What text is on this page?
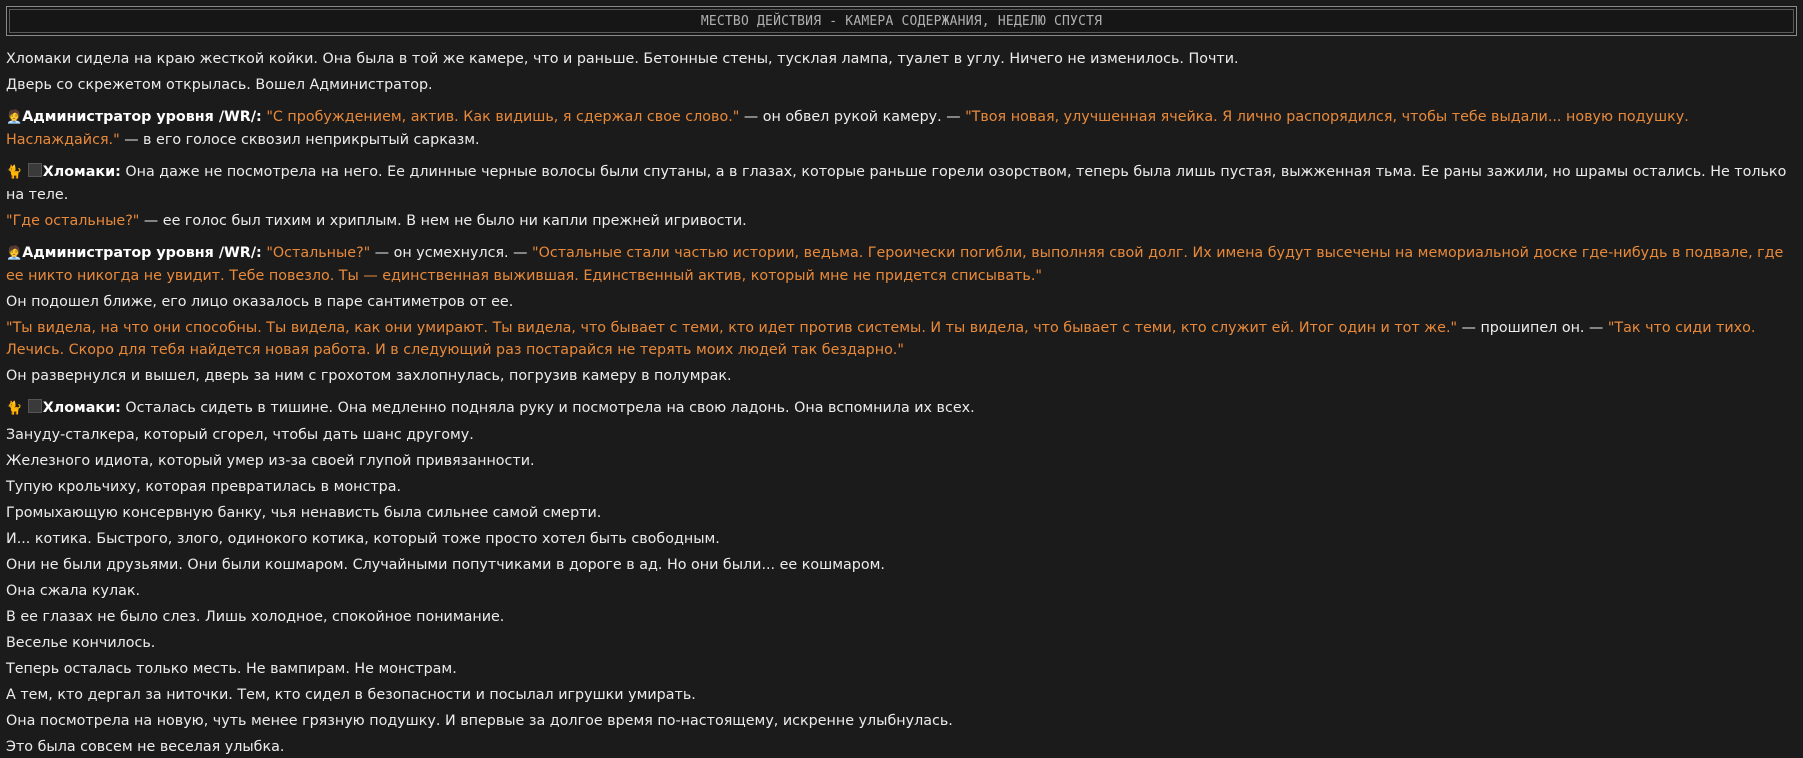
МЕСТВО ДЕЙСТВИЯ - КАМЕРА СОДЕРЖАНИЯ, НЕДЕЛЮ СПУСТЯ

Хломаки сидела на краю жесткой койки. Она была в той же камере, что и раньше. Бетонные стены, тусклая лампа, туалет в углу. Ничего не изменилось. Почти.

Дверь со скрежетом открылась. Вошел Администратор.

🧑‍💼Администратор уровня /WR/: "С пробуждением, актив. Как видишь, я сдержал свое слово." — он обвел рукой камеру. — "Твоя новая, улучшенная ячейка. Я лично распорядился, чтобы тебе выдали... новую подушку. Наслаждайся." — в его голосе сквозил неприкрытый сарказм.

🐈 Хломаки: Она даже не посмотрела на него. Ее длинные черные волосы были спутаны, а в глазах, которые раньше горели озорством, теперь была лишь пустая, выжженная тьма. Ее раны зажили, но шрамы остались. Не только на теле.

"Где остальные?" — ее голос был тихим и хриплым. В нем не было ни капли прежней игривости.

🧑‍💼Администратор уровня /WR/: "Остальные?" — он усмехнулся. — "Остальные стали частью истории, ведьма. Героически погибли, выполняя свой долг. Их имена будут высечены на мемориальной доске где-нибудь в подвале, где ее никто никогда не увидит. Тебе повезло. Ты — единственная выжившая. Единственный актив, который мне не придется списывать."

Он подошел ближе, его лицо оказалось в паре сантиметров от ее.

"Ты видела, на что они способны. Ты видела, как они умирают. Ты видела, что бывает с теми, кто идет против системы. И ты видела, что бывает с теми, кто служит ей. Итог один и тот же." — прошипел он. — "Так что сиди тихо. Лечись. Скоро для тебя найдется новая работа. И в следующий раз постарайся не терять моих людей так бездарно."

Он развернулся и вышел, дверь за ним с грохотом захлопнулась, погрузив камеру в полумрак.

🐈 Хломаки: Осталась сидеть в тишине. Она медленно подняла руку и посмотрела на свою ладонь. Она вспомнила их всех.

Зануду-сталкера, который сгорел, чтобы дать шанс другому.

Железного идиота, который умер из-за своей глупой привязанности.

Тупую крольчиху, которая превратилась в монстра.

Громыхающую консервную банку, чья ненависть была сильнее самой смерти.

И... котика. Быстрого, злого, одинокого котика, который тоже просто хотел быть свободным.

Они не были друзьями. Они были кошмаром. Случайными попутчиками в дороге в ад. Но они были... ее кошмаром.

Она сжала кулак.

В ее глазах не было слез. Лишь холодное, спокойное понимание.

Веселье кончилось.

Теперь осталась только месть. Не вампирам. Не монстрам.

А тем, кто дергал за ниточки. Тем, кто сидел в безопасности и посылал игрушки умирать.

Она посмотрела на новую, чуть менее грязную подушку. И впервые за долгое время по-настоящему, искренне улыбнулась.

Это была совсем не веселая улыбка.
